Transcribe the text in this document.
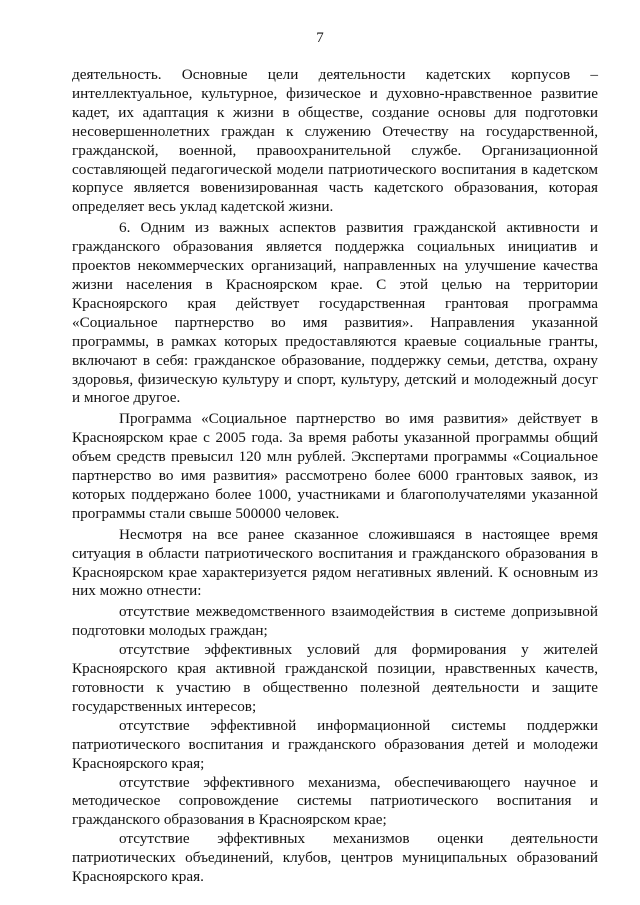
7

деятельность. Основные цели деятельности кадетских корпусов – интеллектуальное, культурное, физическое и духовно-нравственное развитие кадет, их адаптация к жизни в обществе, создание основы для подготовки несовершеннолетних граждан к служению Отечеству на государственной, гражданской, военной, правоохранительной службе. Организационной составляющей педагогической модели патриотического воспитания в кадетском корпусе является вовенизированная часть кадетского образования, которая определяет весь уклад кадетской жизни.

6. Одним из важных аспектов развития гражданской активности и гражданского образования является поддержка социальных инициатив и проектов некоммерческих организаций, направленных на улучшение качества жизни населения в Красноярском крае. С этой целью на территории Красноярского края действует государственная грантовая программа «Социальное партнерство во имя развития». Направления указанной программы, в рамках которых предоставляются краевые социальные гранты, включают в себя: гражданское образование, поддержку семьи, детства, охрану здоровья, физическую культуру и спорт, культуру, детский и молодежный досуг и многое другое.

Программа «Социальное партнерство во имя развития» действует в Красноярском крае с 2005 года. За время работы указанной программы общий объем средств превысил 120 млн рублей. Экспертами программы «Социальное партнерство во имя развития» рассмотрено более 6000 грантовых заявок, из которых поддержано более 1000, участниками и благополучателями указанной программы стали свыше 500000 человек.

Несмотря на все ранее сказанное сложившаяся в настоящее время ситуация в области патриотического воспитания и гражданского образования в Красноярском крае характеризуется рядом негативных явлений. К основным из них можно отнести:

отсутствие межведомственного взаимодействия в системе допризывной подготовки молодых граждан;

отсутствие эффективных условий для формирования у жителей Красноярского края активной гражданской позиции, нравственных качеств, готовности к участию в общественно полезной деятельности и защите государственных интересов;

отсутствие эффективной информационной системы поддержки патриотического воспитания и гражданского образования детей и молодежи Красноярского края;

отсутствие эффективного механизма, обеспечивающего научное и методическое сопровождение системы патриотического воспитания и гражданского образования в Красноярском крае;

отсутствие эффективных механизмов оценки деятельности патриотических объединений, клубов, центров муниципальных образований Красноярского края.
